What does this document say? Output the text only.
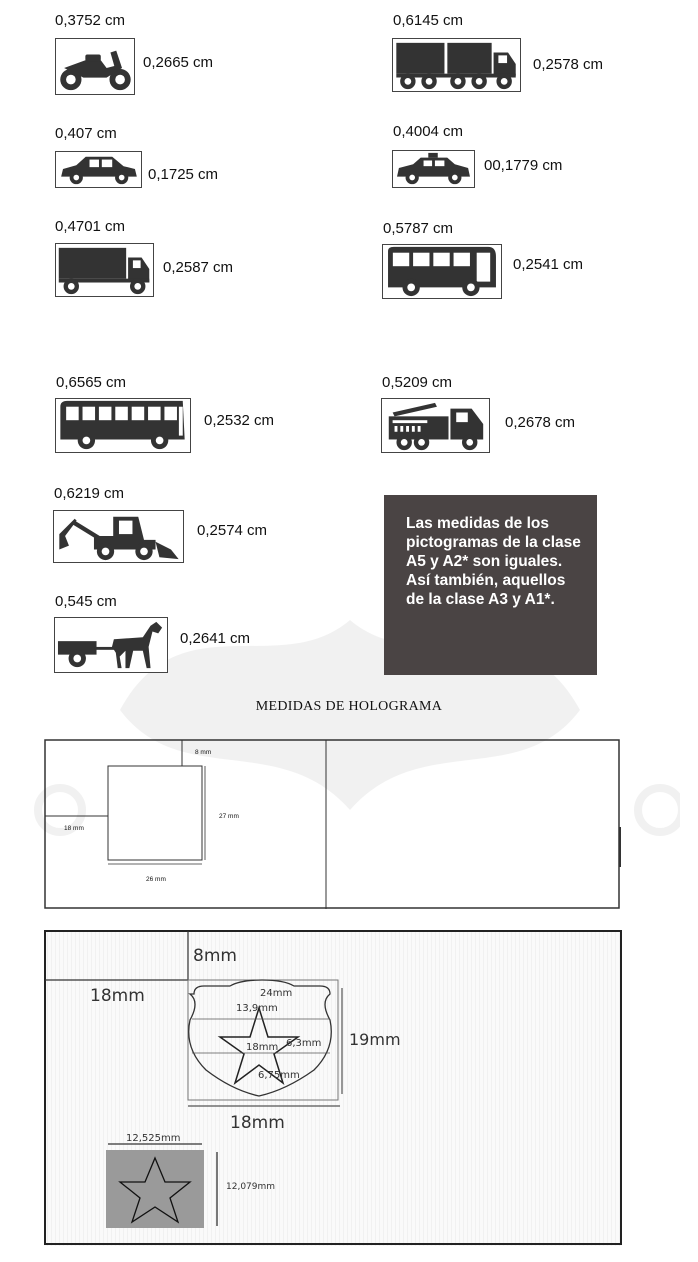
0,3752 cm
0,2665 cm
0,6145 cm
0,2578 cm
0,407 cm
0,1725 cm
0,4004 cm
00,1779 cm
0,4701 cm
0,2587 cm
0,5787 cm
0,2541 cm
0,6565 cm
0,2532 cm
0,5209 cm
0,2678 cm
0,6219 cm
0,2574 cm
0,545 cm
0,2641 cm
Las medidas de los pictogramas de la clase A5 y A2* son iguales. Así también, aquellos de la clase A3 y A1*.
MEDIDAS DE HOLOGRAMA
8 mm
18 mm
27 mm
26 mm
8mm
18mm
19mm
18mm
24mm
13,9mm
18mm 6,3mm
6,75mm
12,525mm
12,079mm
